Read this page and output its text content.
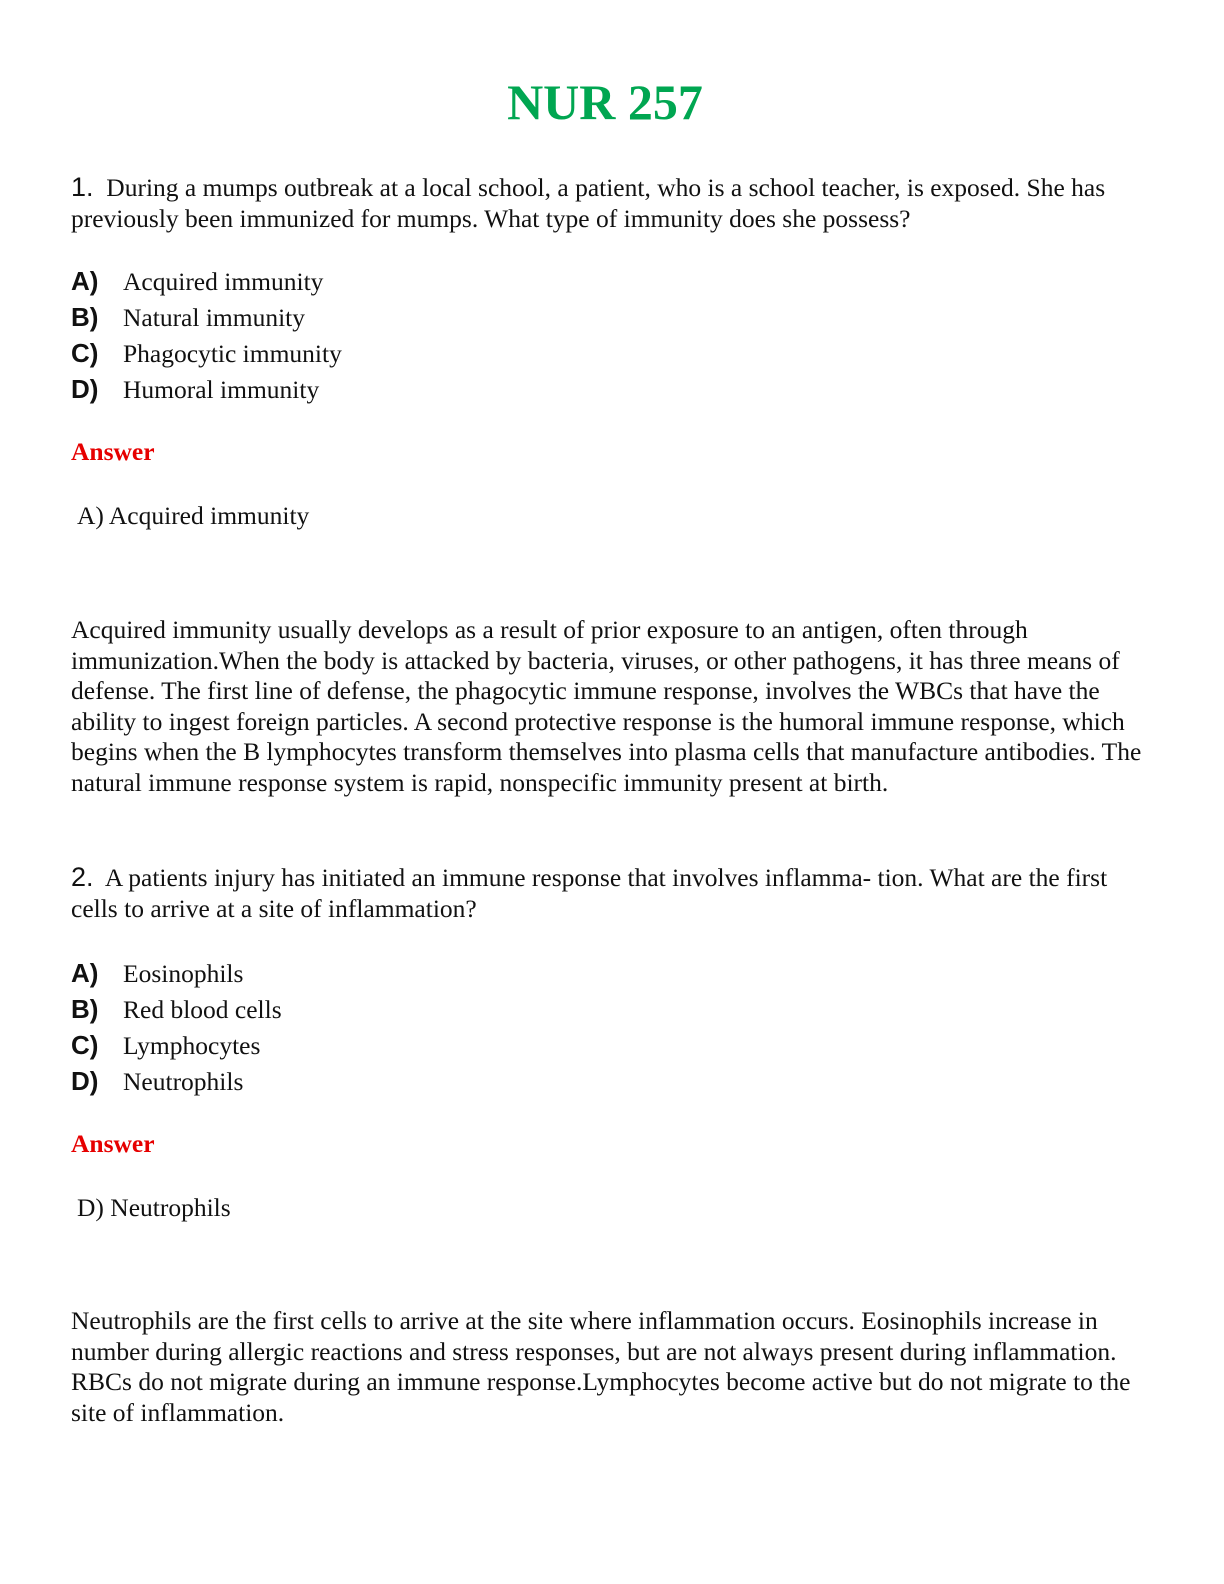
NUR 257

1. During a mumps outbreak at a local school, a patient, who is a school teacher, is exposed. She has previously been immunized for mumps. What type of immunity does she possess?

A) Acquired immunity
B) Natural immunity
C) Phagocytic immunity
D) Humoral immunity

Answer

A) Acquired immunity

Acquired immunity usually develops as a result of prior exposure to an antigen, often through immunization.When the body is attacked by bacteria, viruses, or other pathogens, it has three means of defense. The first line of defense, the phagocytic immune response, involves the WBCs that have the ability to ingest foreign particles. A second protective response is the humoral immune response, which begins when the B lymphocytes transform themselves into plasma cells that manufacture antibodies. The natural immune response system is rapid, nonspecific immunity present at birth.

2. A patients injury has initiated an immune response that involves inflamma- tion. What are the first cells to arrive at a site of inflammation?

A) Eosinophils
B) Red blood cells
C) Lymphocytes
D) Neutrophils

Answer

D) Neutrophils

Neutrophils are the first cells to arrive at the site where inflammation occurs. Eosinophils increase in number during allergic reactions and stress responses, but are not always present during inflammation. RBCs do not migrate during an immune response.Lymphocytes become active but do not migrate to the site of inflammation.
